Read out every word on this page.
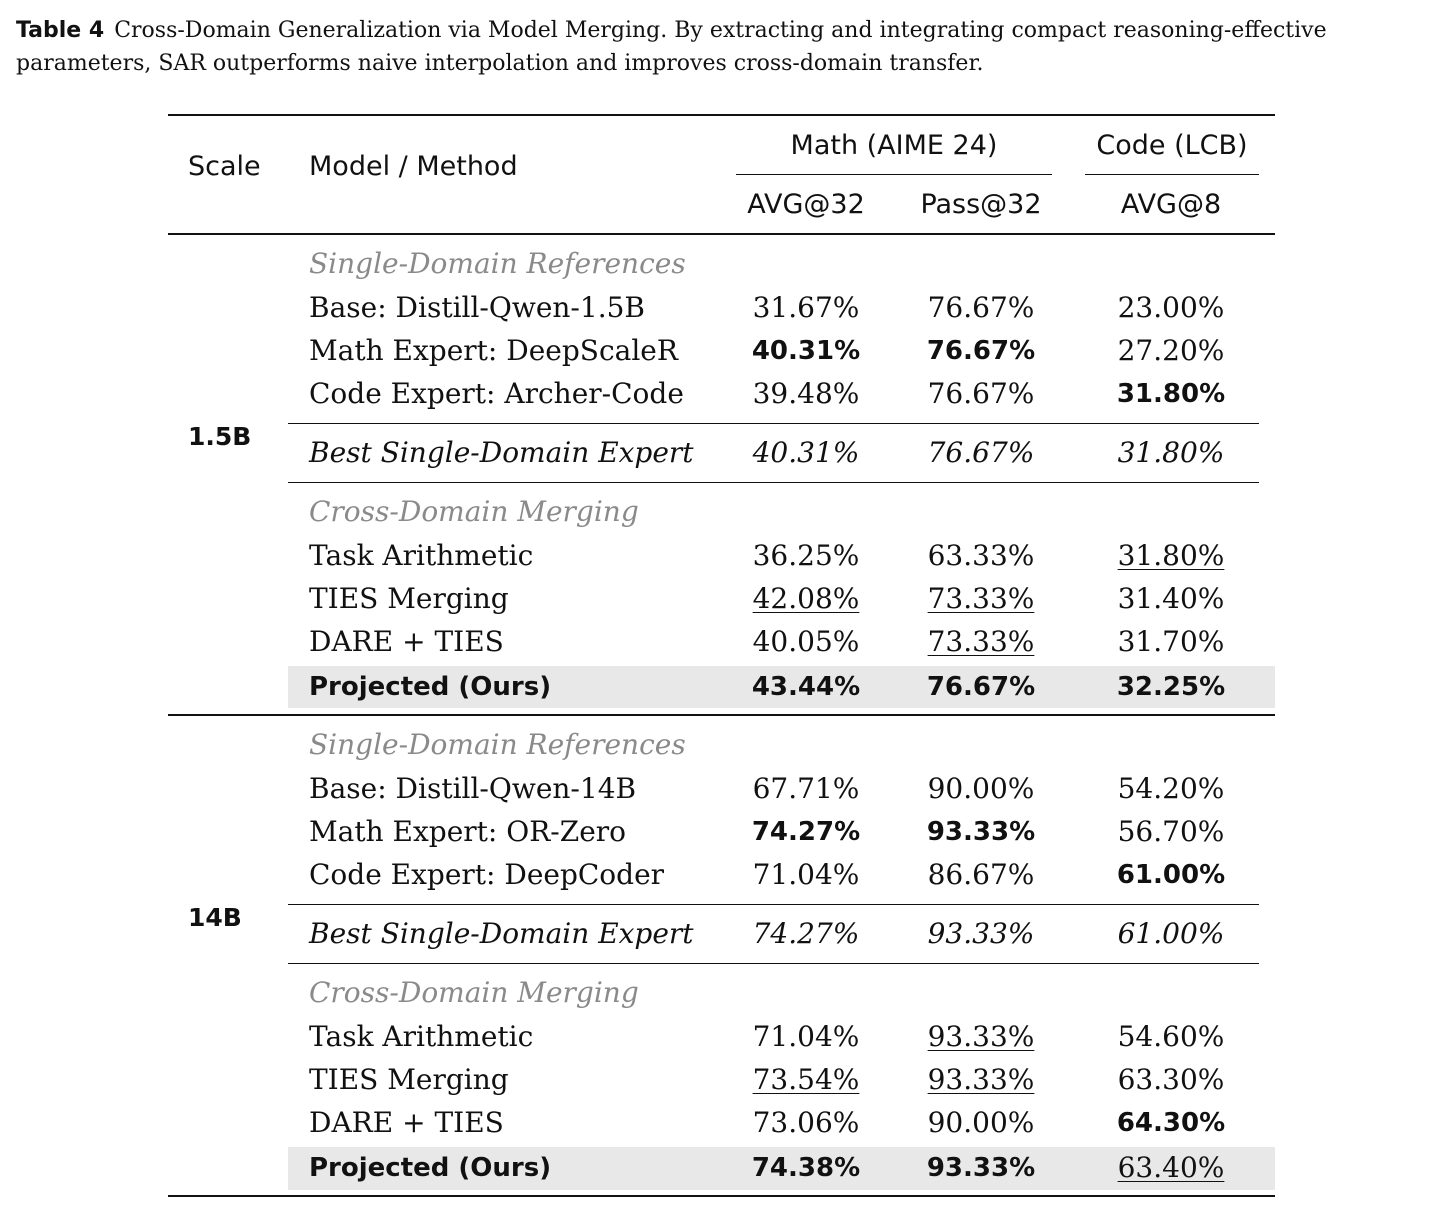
Table 4 Cross-Domain Generalization via Model Merging. By extracting and integrating compact reasoning-effective parameters, SAR outperforms naive interpolation and improves cross-domain transfer.
Scale Model / Method
Math (AIME 24)	Code (LCB)
AVG@32	Pass@32	AVG@8
1.5B
Single-Domain References
Base: Distill-Qwen-1.5B	31.67%	76.67%	23.00%
Math Expert: DeepScaleR	40.31%	76.67%	27.20%
Code Expert: Archer-Code	39.48%	76.67%	31.80%
Best Single-Domain Expert	40.31%	76.67%	31.80%
Cross-Domain Merging
Task Arithmetic	36.25%	63.33%	31.80%
TIES Merging	42.08%	73.33%	31.40%
DARE + TIES	40.05%	73.33%	31.70%
Projected (Ours)	43.44%	76.67%	32.25%
14B
Single-Domain References
Base: Distill-Qwen-14B	67.71%	90.00%	54.20%
Math Expert: OR-Zero	74.27%	93.33%	56.70%
Code Expert: DeepCoder	71.04%	86.67%	61.00%
Best Single-Domain Expert	74.27%	93.33%	61.00%
Cross-Domain Merging
Task Arithmetic	71.04%	93.33%	54.60%
TIES Merging	73.54%	93.33%	63.30%
DARE + TIES	73.06%	90.00%	64.30%
Projected (Ours)	74.38%	93.33%	63.40%
